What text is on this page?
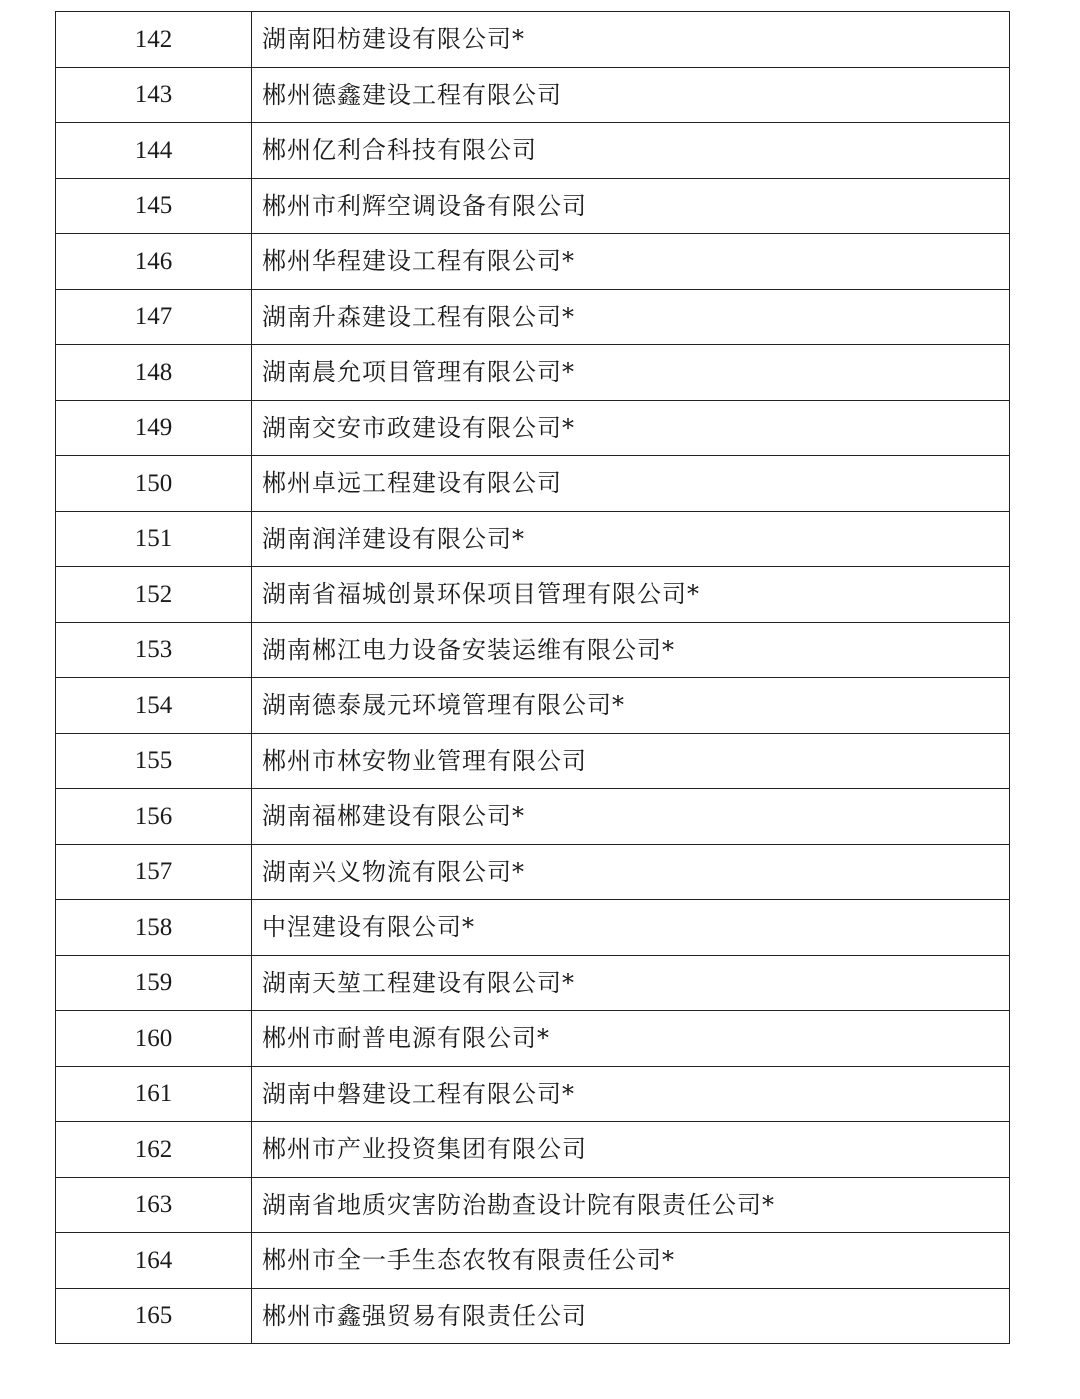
142	湖南阳枋建设有限公司*
143	郴州德鑫建设工程有限公司
144	郴州亿利合科技有限公司
145	郴州市利辉空调设备有限公司
146	郴州华程建设工程有限公司*
147	湖南升森建设工程有限公司*
148	湖南晨允项目管理有限公司*
149	湖南交安市政建设有限公司*
150	郴州卓远工程建设有限公司
151	湖南润洋建设有限公司*
152	湖南省福城创景环保项目管理有限公司*
153	湖南郴江电力设备安装运维有限公司*
154	湖南德泰晟元环境管理有限公司*
155	郴州市林安物业管理有限公司
156	湖南福郴建设有限公司*
157	湖南兴义物流有限公司*
158	中涅建设有限公司*
159	湖南天堃工程建设有限公司*
160	郴州市耐普电源有限公司*
161	湖南中磐建设工程有限公司*
162	郴州市产业投资集团有限公司
163	湖南省地质灾害防治勘查设计院有限责任公司*
164	郴州市全一手生态农牧有限责任公司*
165	郴州市鑫强贸易有限责任公司
